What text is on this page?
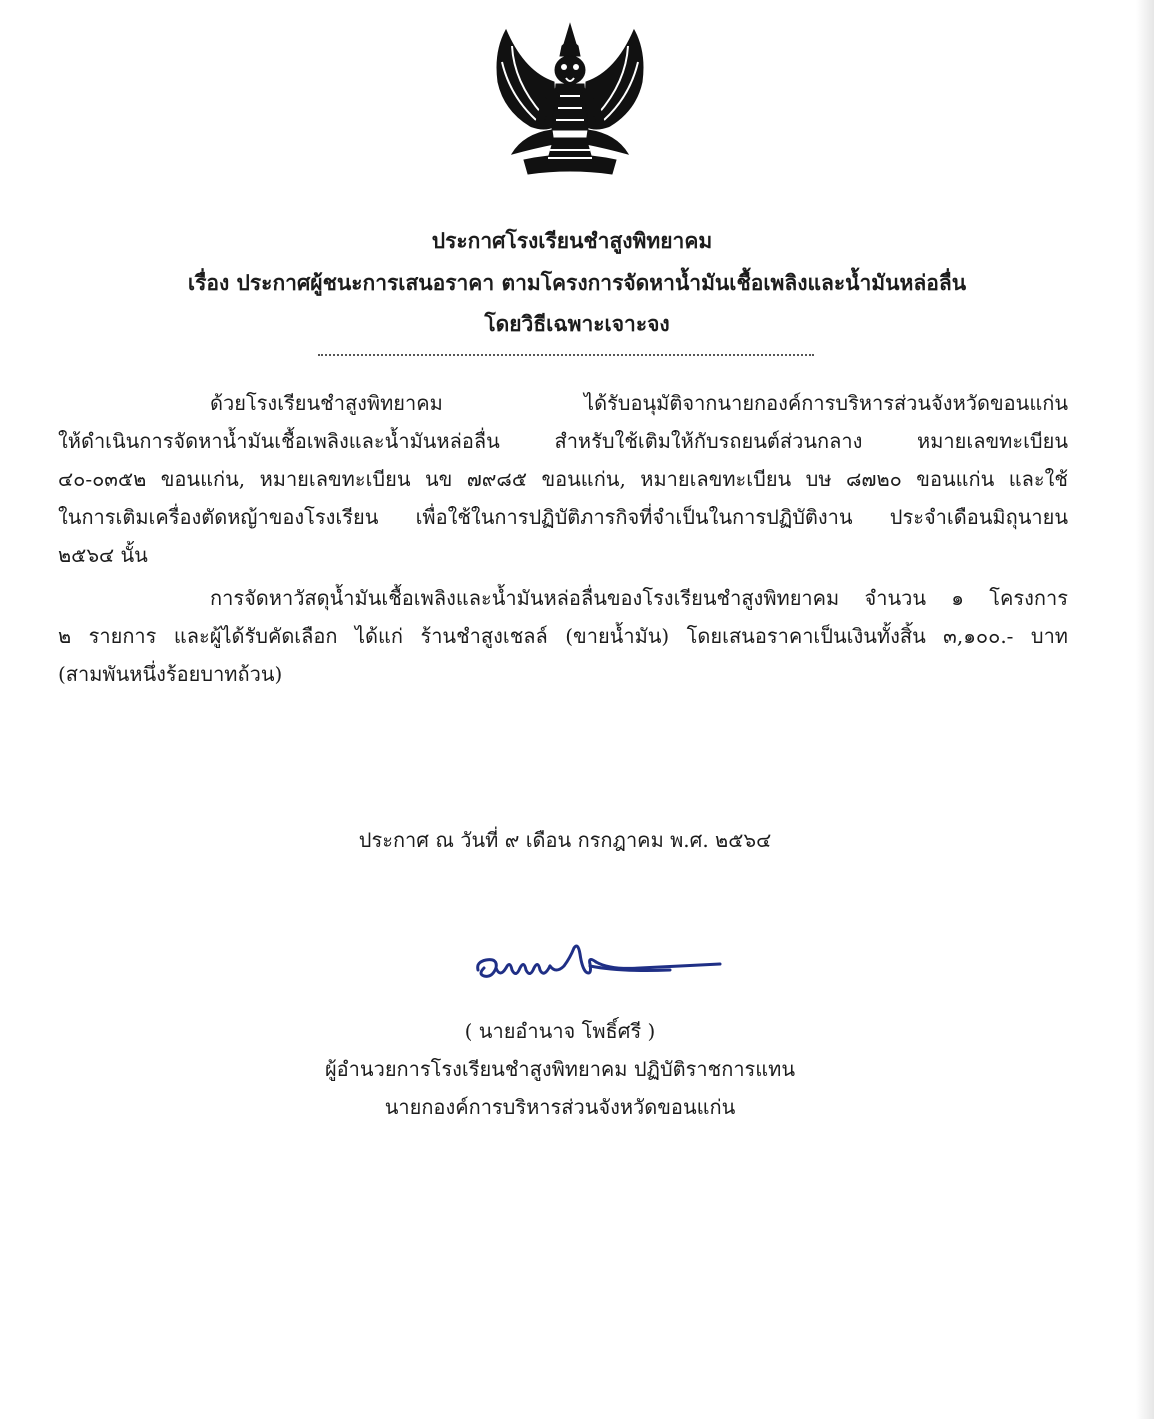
ประกาศโรงเรียนชำสูงพิทยาคม
เรื่อง ประกาศผู้ชนะการเสนอราคา ตามโครงการจัดหาน้ำมันเชื้อเพลิงและน้ำมันหล่อลื่น
โดยวิธีเฉพาะเจาะจง
ด้วยโรงเรียนชำสูงพิทยาคม ได้รับอนุมัติจากนายกองค์การบริหารส่วนจังหวัดขอนแก่น
ให้ดำเนินการจัดหาน้ำมันเชื้อเพลิงและน้ำมันหล่อลื่น สำหรับใช้เติมให้กับรถยนต์ส่วนกลาง หมายเลขทะเบียน
๔๐-๐๓๕๒ ขอนแก่น, หมายเลขทะเบียน นข ๗๙๘๕ ขอนแก่น, หมายเลขทะเบียน บษ ๘๗๒๐ ขอนแก่น และใช้
ในการเติมเครื่องตัดหญ้าของโรงเรียน เพื่อใช้ในการปฏิบัติภารกิจที่จำเป็นในการปฏิบัติงาน ประจำเดือนมิถุนายน
๒๕๖๔ นั้น
การจัดหาวัสดุน้ำมันเชื้อเพลิงและน้ำมันหล่อลื่นของโรงเรียนชำสูงพิทยาคม จำนวน ๑ โครงการ
๒ รายการ และผู้ได้รับคัดเลือก ได้แก่ ร้านชำสูงเชลล์ (ขายน้ำมัน) โดยเสนอราคาเป็นเงินทั้งสิ้น ๓,๑๐๐.- บาท
(สามพันหนึ่งร้อยบาทถ้วน)
ประกาศ ณ วันที่ ๙ เดือน กรกฎาคม พ.ศ. ๒๕๖๔
( นายอำนาจ โพธิ์ศรี )
ผู้อำนวยการโรงเรียนชำสูงพิทยาคม ปฏิบัติราชการแทน
นายกองค์การบริหารส่วนจังหวัดขอนแก่น
